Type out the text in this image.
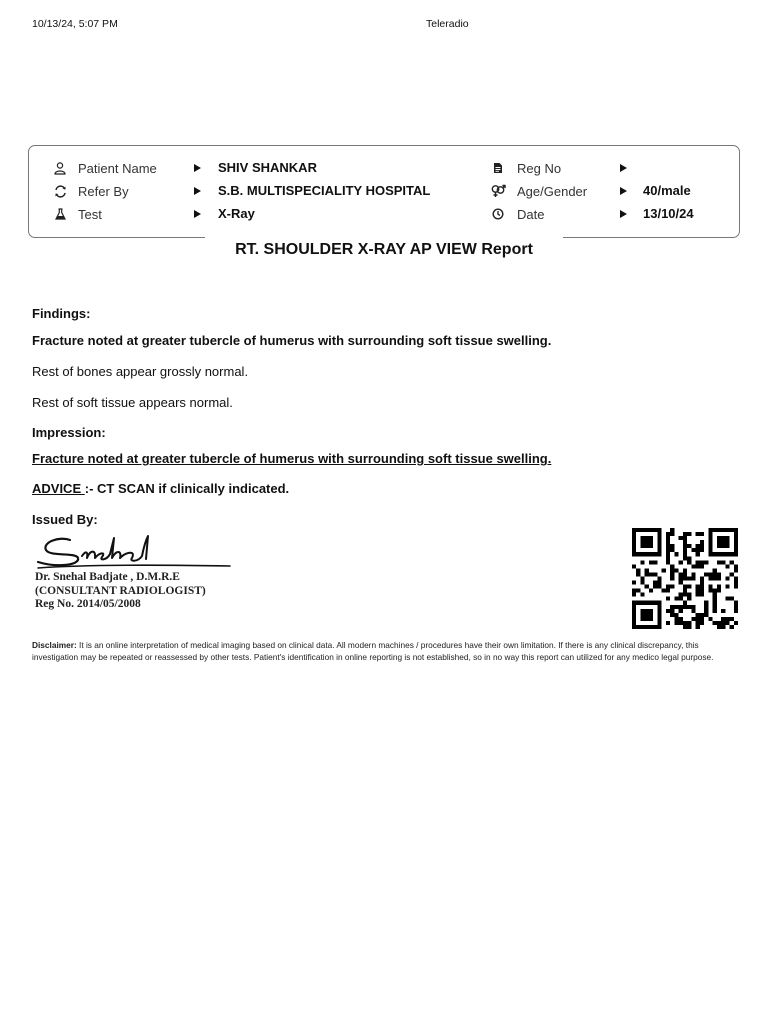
10/13/24, 5:07 PM	Teleradio
Patient Name
Refer By
Test
SHIV SHANKAR
S.B. MULTISPECIALITY HOSPITAL
X-Ray
Reg No
Age/Gender
Date
40/male
13/10/24
RT. SHOULDER X-RAY AP VIEW Report
Findings:
Fracture noted at greater tubercle of humerus with surrounding soft tissue swelling.
Rest of bones appear grossly normal.
Rest of soft tissue appears normal.
Impression:
Fracture noted at greater tubercle of humerus with surrounding soft tissue swelling.
ADVICE :- CT SCAN if clinically indicated.
Issued By:
Dr. Snehal Badjate , D.M.R.E
(CONSULTANT RADIOLOGIST)
Reg No. 2014/05/2008
Disclaimer: It is an online interpretation of medical imaging based on clinical data. All modern machines / procedures have their own limitation. If there is any clinical discrepancy, this investigation may be repeated or reassessed by other tests. Patient's identification in online reporting is not established, so in no way this report can utilized for any medico legal purpose.
